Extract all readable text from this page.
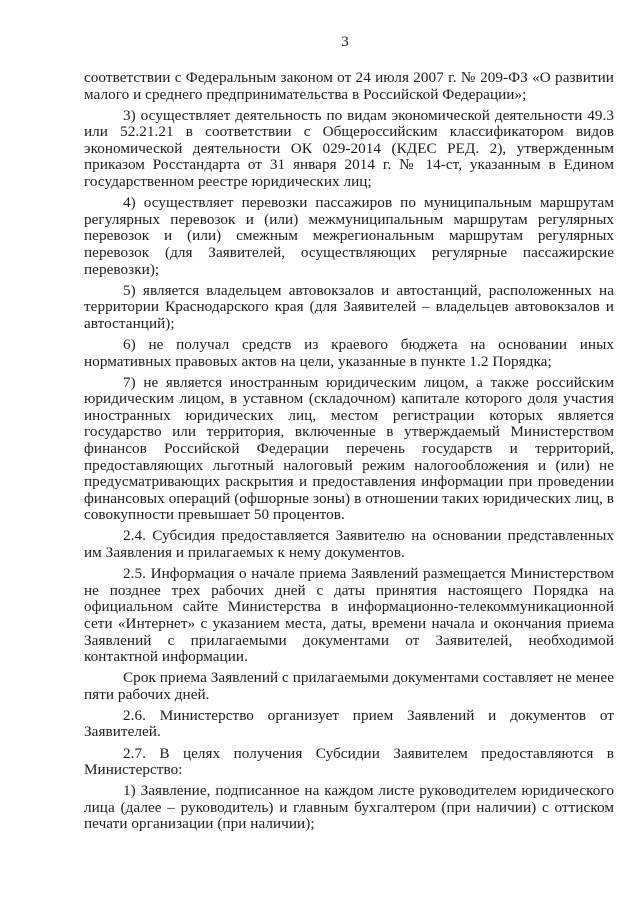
3

соответствии с Федеральным законом от 24 июля 2007 г. № 209-ФЗ «О развитии малого и среднего предпринимательства в Российской Федерации»;

3) осуществляет деятельность по видам экономической деятельности 49.3 или 52.21.21 в соответствии с Общероссийским классификатором видов экономической деятельности ОК 029-2014 (КДЕС РЕД. 2), утвержденным приказом Росстандарта от 31 января 2014 г. № 14-ст, указанным в Едином государственном реестре юридических лиц;

4) осуществляет перевозки пассажиров по муниципальным маршрутам регулярных перевозок и (или) межмуниципальным маршрутам регулярных перевозок и (или) смежным межрегиональным маршрутам регулярных перевозок (для Заявителей, осуществляющих регулярные пассажирские перевозки);

5) является владельцем автовокзалов и автостанций, расположенных на территории Краснодарского края (для Заявителей – владельцев автовокзалов и автостанций);

6) не получал средств из краевого бюджета на основании иных нормативных правовых актов на цели, указанные в пункте 1.2 Порядка;

7) не является иностранным юридическим лицом, а также российским юридическим лицом, в уставном (складочном) капитале которого доля участия иностранных юридических лиц, местом регистрации которых является государство или территория, включенные в утверждаемый Министерством финансов Российской Федерации перечень государств и территорий, предоставляющих льготный налоговый режим налогообложения и (или) не предусматривающих раскрытия и предоставления информации при проведении финансовых операций (офшорные зоны) в отношении таких юридических лиц, в совокупности превышает 50 процентов.

2.4. Субсидия предоставляется Заявителю на основании представленных им Заявления и прилагаемых к нему документов.

2.5. Информация о начале приема Заявлений размещается Министерством не позднее трех рабочих дней с даты принятия настоящего Порядка на официальном сайте Министерства в информационно-телекоммуникационной сети «Интернет» с указанием места, даты, времени начала и окончания приема Заявлений с прилагаемыми документами от Заявителей, необходимой контактной информации.

Срок приема Заявлений с прилагаемыми документами составляет не менее пяти рабочих дней.

2.6. Министерство организует прием Заявлений и документов от Заявителей.

2.7. В целях получения Субсидии Заявителем предоставляются в Министерство:

1) Заявление, подписанное на каждом листе руководителем юридического лица (далее – руководитель) и главным бухгалтером (при наличии) с оттиском печати организации (при наличии);
